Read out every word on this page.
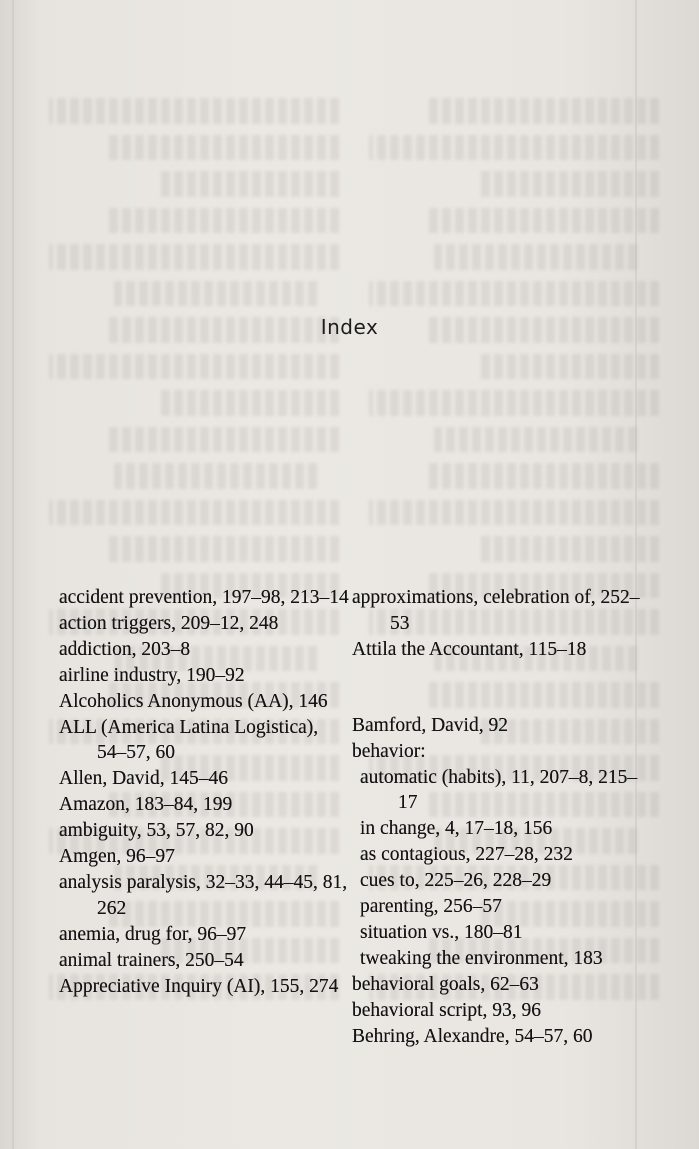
Index

accident prevention, 197–98, 213–14

action triggers, 209–12, 248

addiction, 203–8

airline industry, 190–92

Alcoholics Anonymous (AA), 146

ALL (America Latina Logistica), 54–57, 60

Allen, David, 145–46

Amazon, 183–84, 199

ambiguity, 53, 57, 82, 90

Amgen, 96–97

analysis paralysis, 32–33, 44–45, 81, 262

anemia, drug for, 96–97

animal trainers, 250–54

Appreciative Inquiry (AI), 155, 274

approximations, celebration of, 252–53

Attila the Accountant, 115–18

Bamford, David, 92

behavior:

automatic (habits), 11, 207–8, 215–17

in change, 4, 17–18, 156

as contagious, 227–28, 232

cues to, 225–26, 228–29

parenting, 256–57

situation vs., 180–81

tweaking the environment, 183

behavioral goals, 62–63

behavioral script, 93, 96

Behring, Alexandre, 54–57, 60
